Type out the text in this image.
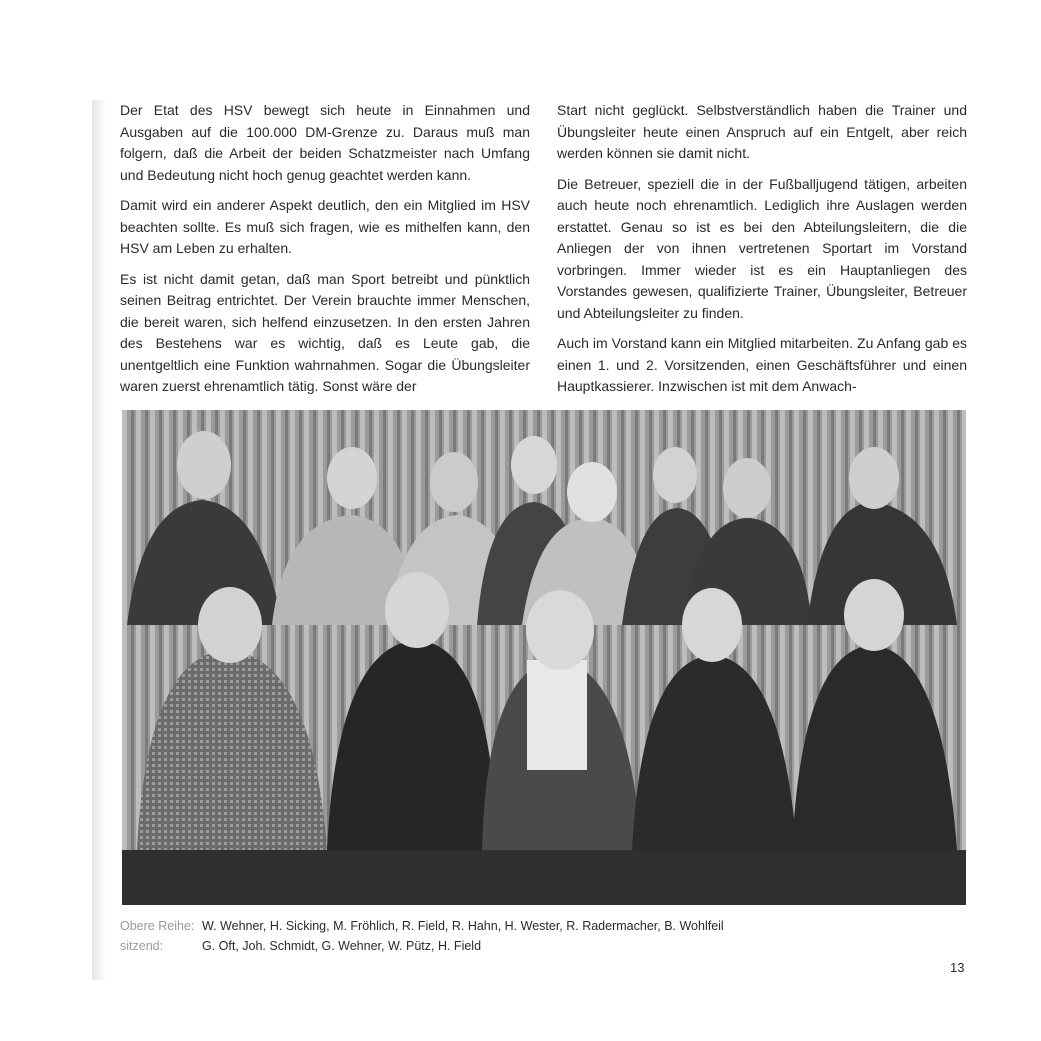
Der Etat des HSV bewegt sich heute in Einnahmen und Ausgaben auf die 100.000 DM-Grenze zu. Daraus muß man folgern, daß die Arbeit der beiden Schatzmeister nach Umfang und Bedeutung nicht hoch genug geachtet werden kann.

Damit wird ein anderer Aspekt deutlich, den ein Mitglied im HSV beachten sollte. Es muß sich fragen, wie es mithelfen kann, den HSV am Leben zu erhalten.

Es ist nicht damit getan, daß man Sport betreibt und pünktlich seinen Beitrag entrichtet. Der Verein brauchte immer Menschen, die bereit waren, sich helfend einzusetzen. In den ersten Jahren des Bestehens war es wichtig, daß es Leute gab, die unentgeltlich eine Funktion wahrnahmen. Sogar die Übungsleiter waren zuerst ehrenamtlich tätig. Sonst wäre der

Start nicht geglückt. Selbstverständlich haben die Trainer und Übungsleiter heute einen Anspruch auf ein Entgelt, aber reich werden können sie damit nicht.

Die Betreuer, speziell die in der Fußballjugend tätigen, arbeiten auch heute noch ehrenamtlich. Lediglich ihre Auslagen werden erstattet. Genau so ist es bei den Abteilungsleitern, die die Anliegen der von ihnen vertretenen Sportart im Vorstand vorbringen. Immer wieder ist es ein Hauptanliegen des Vorstandes gewesen, qualifizierte Trainer, Übungsleiter, Betreuer und Abteilungsleiter zu finden.

Auch im Vorstand kann ein Mitglied mitarbeiten. Zu Anfang gab es einen 1. und 2. Vorsitzenden, einen Geschäftsführer und einen Hauptkassierer. Inzwischen ist mit dem Anwach-

Obere Reihe: W. Wehner, H. Sicking, M. Fröhlich, R. Field, R. Hahn, H. Wester, R. Radermacher, B. Wohlfeil
sitzend:	G. Oft, Joh. Schmidt, G. Wehner, W. Pütz, H. Field
13
